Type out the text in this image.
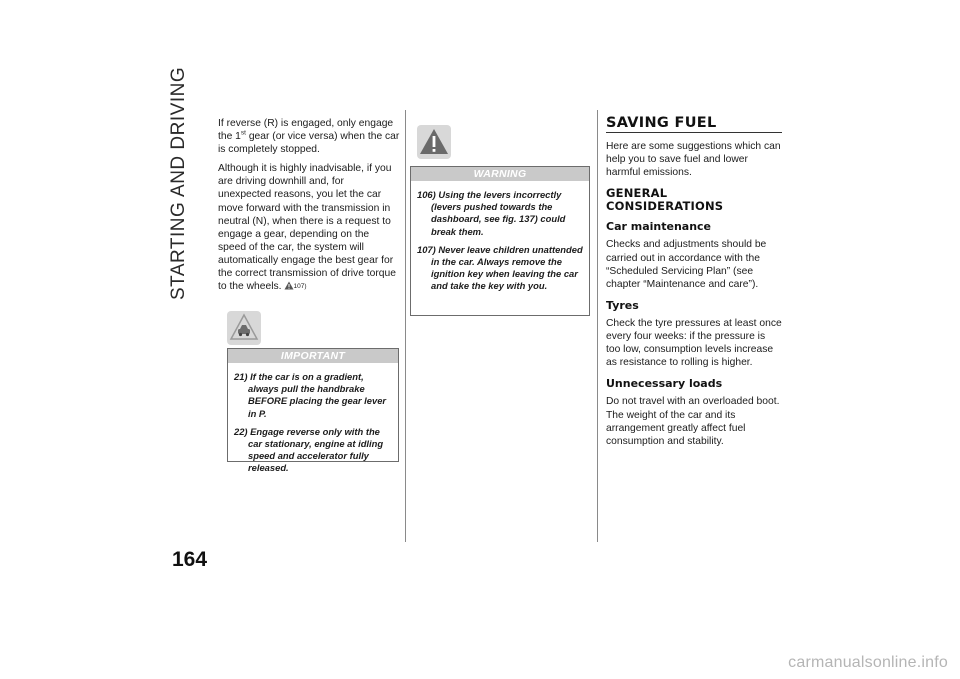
STARTING AND DRIVING
164

If reverse (R) is engaged, only engage the 1st gear (or vice versa) when the car is completely stopped.

Although it is highly inadvisable, if you are driving downhill and, for unexpected reasons, you let the car move forward with the transmission in neutral (N), when there is a request to engage a gear, depending on the speed of the car, the system will automatically engage the best gear for the correct transmission of drive torque to the wheels. 107)

IMPORTANT
21) If the car is on a gradient, always pull the handbrake BEFORE placing the gear lever in P.
22) Engage reverse only with the car stationary, engine at idling speed and accelerator fully released.
WARNING
106) Using the levers incorrectly (levers pushed towards the dashboard, see fig. 137) could break them.
107) Never leave children unattended in the car. Always remove the ignition key when leaving the car and take the key with you.
SAVING FUEL

Here are some suggestions which can help you to save fuel and lower harmful emissions.

GENERAL CONSIDERATIONS
Car maintenance

Checks and adjustments should be carried out in accordance with the “Scheduled Servicing Plan” (see chapter “Maintenance and care”).

Tyres

Check the tyre pressures at least once every four weeks: if the pressure is too low, consumption levels increase as resistance to rolling is higher.

Unnecessary loads

Do not travel with an overloaded boot. The weight of the car and its arrangement greatly affect fuel consumption and stability.

carmanualsonline.info
